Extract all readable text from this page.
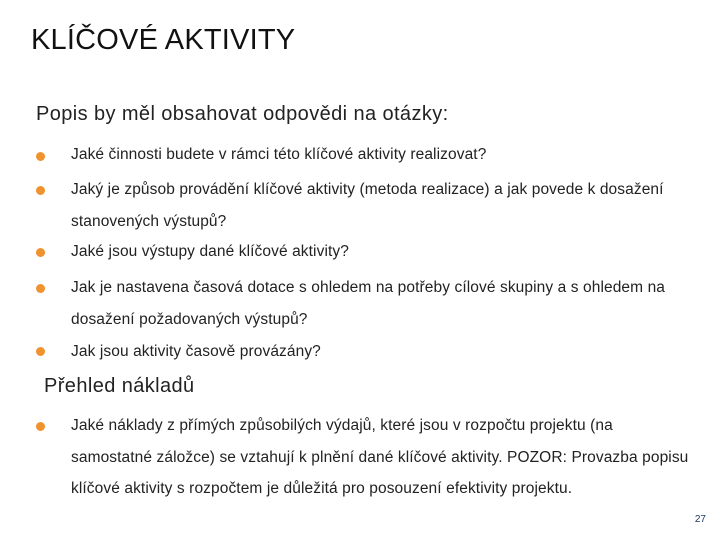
KLÍČOVÉ AKTIVITY
Popis by měl obsahovat odpovědi na otázky:
Jaké činnosti budete v rámci této klíčové aktivity realizovat?
Jaký je způsob provádění klíčové aktivity (metoda realizace) a jak povede k dosažení stanovených výstupů?
Jaké jsou výstupy dané klíčové aktivity?
Jak je nastavena časová dotace s ohledem na potřeby cílové skupiny a s ohledem na dosažení požadovaných výstupů?
Jak jsou aktivity časově provázány?
Přehled nákladů
Jaké náklady z přímých způsobilých výdajů, které jsou v rozpočtu projektu (na samostatné záložce) se vztahují k plnění dané klíčové aktivity. POZOR: Provazba popisu klíčové aktivity s rozpočtem je důležitá pro posouzení efektivity projektu.
27
